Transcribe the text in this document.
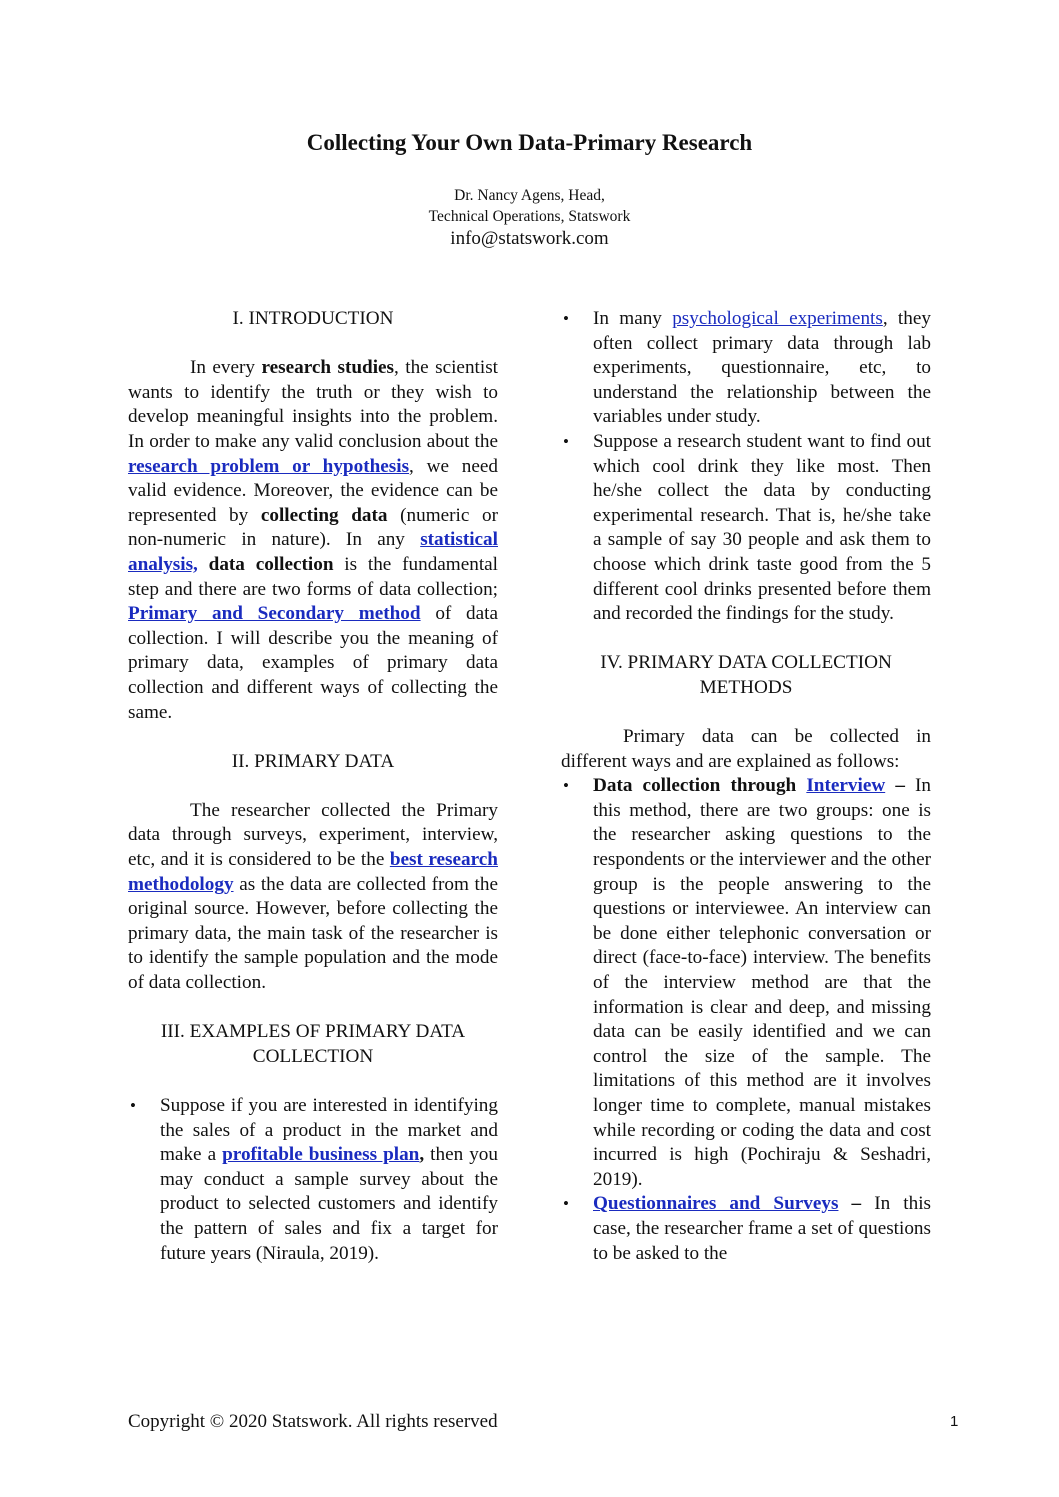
Collecting Your Own Data-Primary Research
Dr. Nancy Agens, Head,
Technical Operations, Statswork
info@statswork.com
I. INTRODUCTION

In every research studies, the scientist wants to identify the truth or they wish to develop meaningful insights into the problem. In order to make any valid conclusion about the research problem or hypothesis, we need valid evidence. Moreover, the evidence can be represented by collecting data (numeric or non-numeric in nature). In any statistical analysis, data collection is the fundamental step and there are two forms of data collection; Primary and Secondary method of data collection. I will describe you the meaning of primary data, examples of primary data collection and different ways of collecting the same.

II. PRIMARY DATA

The researcher collected the Primary data through surveys, experiment, interview, etc, and it is considered to be the best research methodology as the data are collected from the original source. However, before collecting the primary data, the main task of the researcher is to identify the sample population and the mode of data collection.

III. EXAMPLES OF PRIMARY DATA COLLECTION
• Suppose if you are interested in identifying the sales of a product in the market and make a profitable business plan, then you may conduct a sample survey about the product to selected customers and identify the pattern of sales and fix a target for future years (Niraula, 2019).
• In many psychological experiments, they often collect primary data through lab experiments, questionnaire, etc, to understand the relationship between the variables under study.
• Suppose a research student want to find out which cool drink they like most. Then he/she collect the data by conducting experimental research. That is, he/she take a sample of say 30 people and ask them to choose which drink taste good from the 5 different cool drinks presented before them and recorded the findings for the study.
IV. PRIMARY DATA COLLECTION METHODS

Primary data can be collected in different ways and are explained as follows:

• Data collection through Interview – In this method, there are two groups: one is the researcher asking questions to the respondents or the interviewer and the other group is the people answering to the questions or interviewee. An interview can be done either telephonic conversation or direct (face-to-face) interview. The benefits of the interview method are that the information is clear and deep, and missing data can be easily identified and we can control the size of the sample. The limitations of this method are it involves longer time to complete, manual mistakes while recording or coding the data and cost incurred is high (Pochiraju & Seshadri, 2019).
• Questionnaires and Surveys – In this case, the researcher frame a set of questions to be asked to the
Copyright © 2020 Statswork. All rights reserved	1
